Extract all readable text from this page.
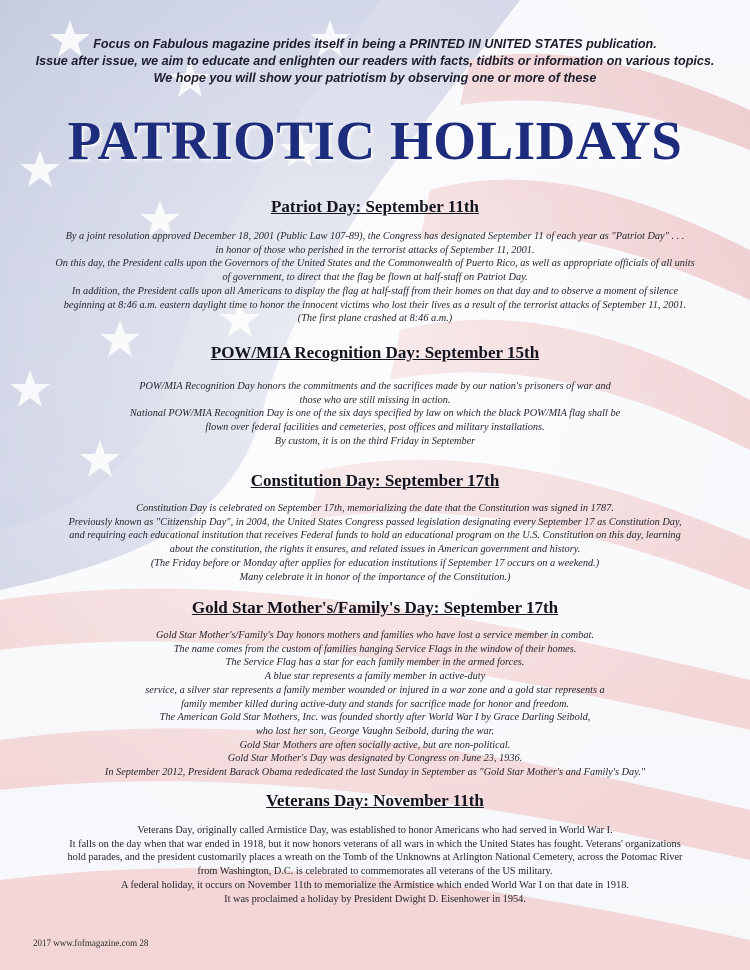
Focus on Fabulous magazine prides itself in being a PRINTED IN UNITED STATES publication.
Issue after issue, we aim to educate and enlighten our readers with facts, tidbits or information on various topics.
We hope you will show your patriotism by observing one or more of these
PATRIOTIC HOLIDAYS
Patriot Day: September 11th
By a joint resolution approved December 18, 2001 (Public Law 107-89), the Congress has designated September 11 of each year as "Patriot Day" . . .
in honor of those who perished in the terrorist attacks of September 11, 2001.
On this day, the President calls upon the Governors of the United States and the Commonwealth of Puerto Rico, as well as appropriate officials of all units
of government, to direct that the flag be flown at half-staff on Patriot Day.
In addition, the President calls upon all Americans to display the flag at half-staff from their homes on that day and to observe a moment of silence
beginning at 8:46 a.m. eastern daylight time to honor the innocent victims who lost their lives as a result of the terrorist attacks of September 11, 2001.
(The first plane crashed at 8:46 a.m.)
POW/MIA Recognition Day: September 15th
POW/MIA Recognition Day honors the commitments and the sacrifices made by our nation's prisoners of war and
those who are still missing in action.
National POW/MIA Recognition Day is one of the six days specified by law on which the black POW/MIA flag shall be
flown over federal facilities and cemeteries, post offices and military installations.
By custom, it is on the third Friday in September
Constitution Day: September 17th
Constitution Day is celebrated on September 17th, memorializing the date that the Constitution was signed in 1787.
Previously known as "Citizenship Day", in 2004, the United States Congress passed legislation designating every September 17 as Constitution Day,
and requiring each educational institution that receives Federal funds to hold an educational program on the U.S. Constitution on this day, learning
about the constitution, the rights it ensures, and related issues in American government and history.
(The Friday before or Monday after applies for education institutions if September 17 occurs on a weekend.)
Many celebrate it in honor of the importance of the Constitution.)
Gold Star Mother's/Family's Day: September 17th
Gold Star Mother's/Family's Day honors mothers and families who have lost a service member in combat.
The name comes from the custom of families hanging Service Flags in the window of their homes.
The Service Flag has a star for each family member in the armed forces.
A blue star represents a family member in active-duty
service, a silver star represents a family member wounded or injured in a war zone and a gold star represents a
family member killed during active-duty and stands for sacrifice made for honor and freedom.
The American Gold Star Mothers, Inc. was founded shortly after World War I by Grace Darling Seibold,
who lost her son, George Vaughn Seibold, during the war.
Gold Star Mothers are often socially active, but are non-political.
Gold Star Mother's Day was designated by Congress on June 23, 1936.
In September 2012, President Barack Obama rededicated the last Sunday in September as "Gold Star Mother's and Family's Day."
Veterans Day: November 11th
Veterans Day, originally called Armistice Day, was established to honor Americans who had served in World War I.
It falls on the day when that war ended in 1918, but it now honors veterans of all wars in which the United States has fought. Veterans' organizations
hold parades, and the president customarily places a wreath on the Tomb of the Unknowns at Arlington National Cemetery, across the Potomac River
from Washington, D.C. is celebrated to commemorates all veterans of the US military.
A federal holiday, it occurs on November 11th to memorialize the Armistice which ended World War I on that date in 1918.
It was proclaimed a holiday by President Dwight D. Eisenhower in 1954.
2017 www.fofmagazine.com 28
